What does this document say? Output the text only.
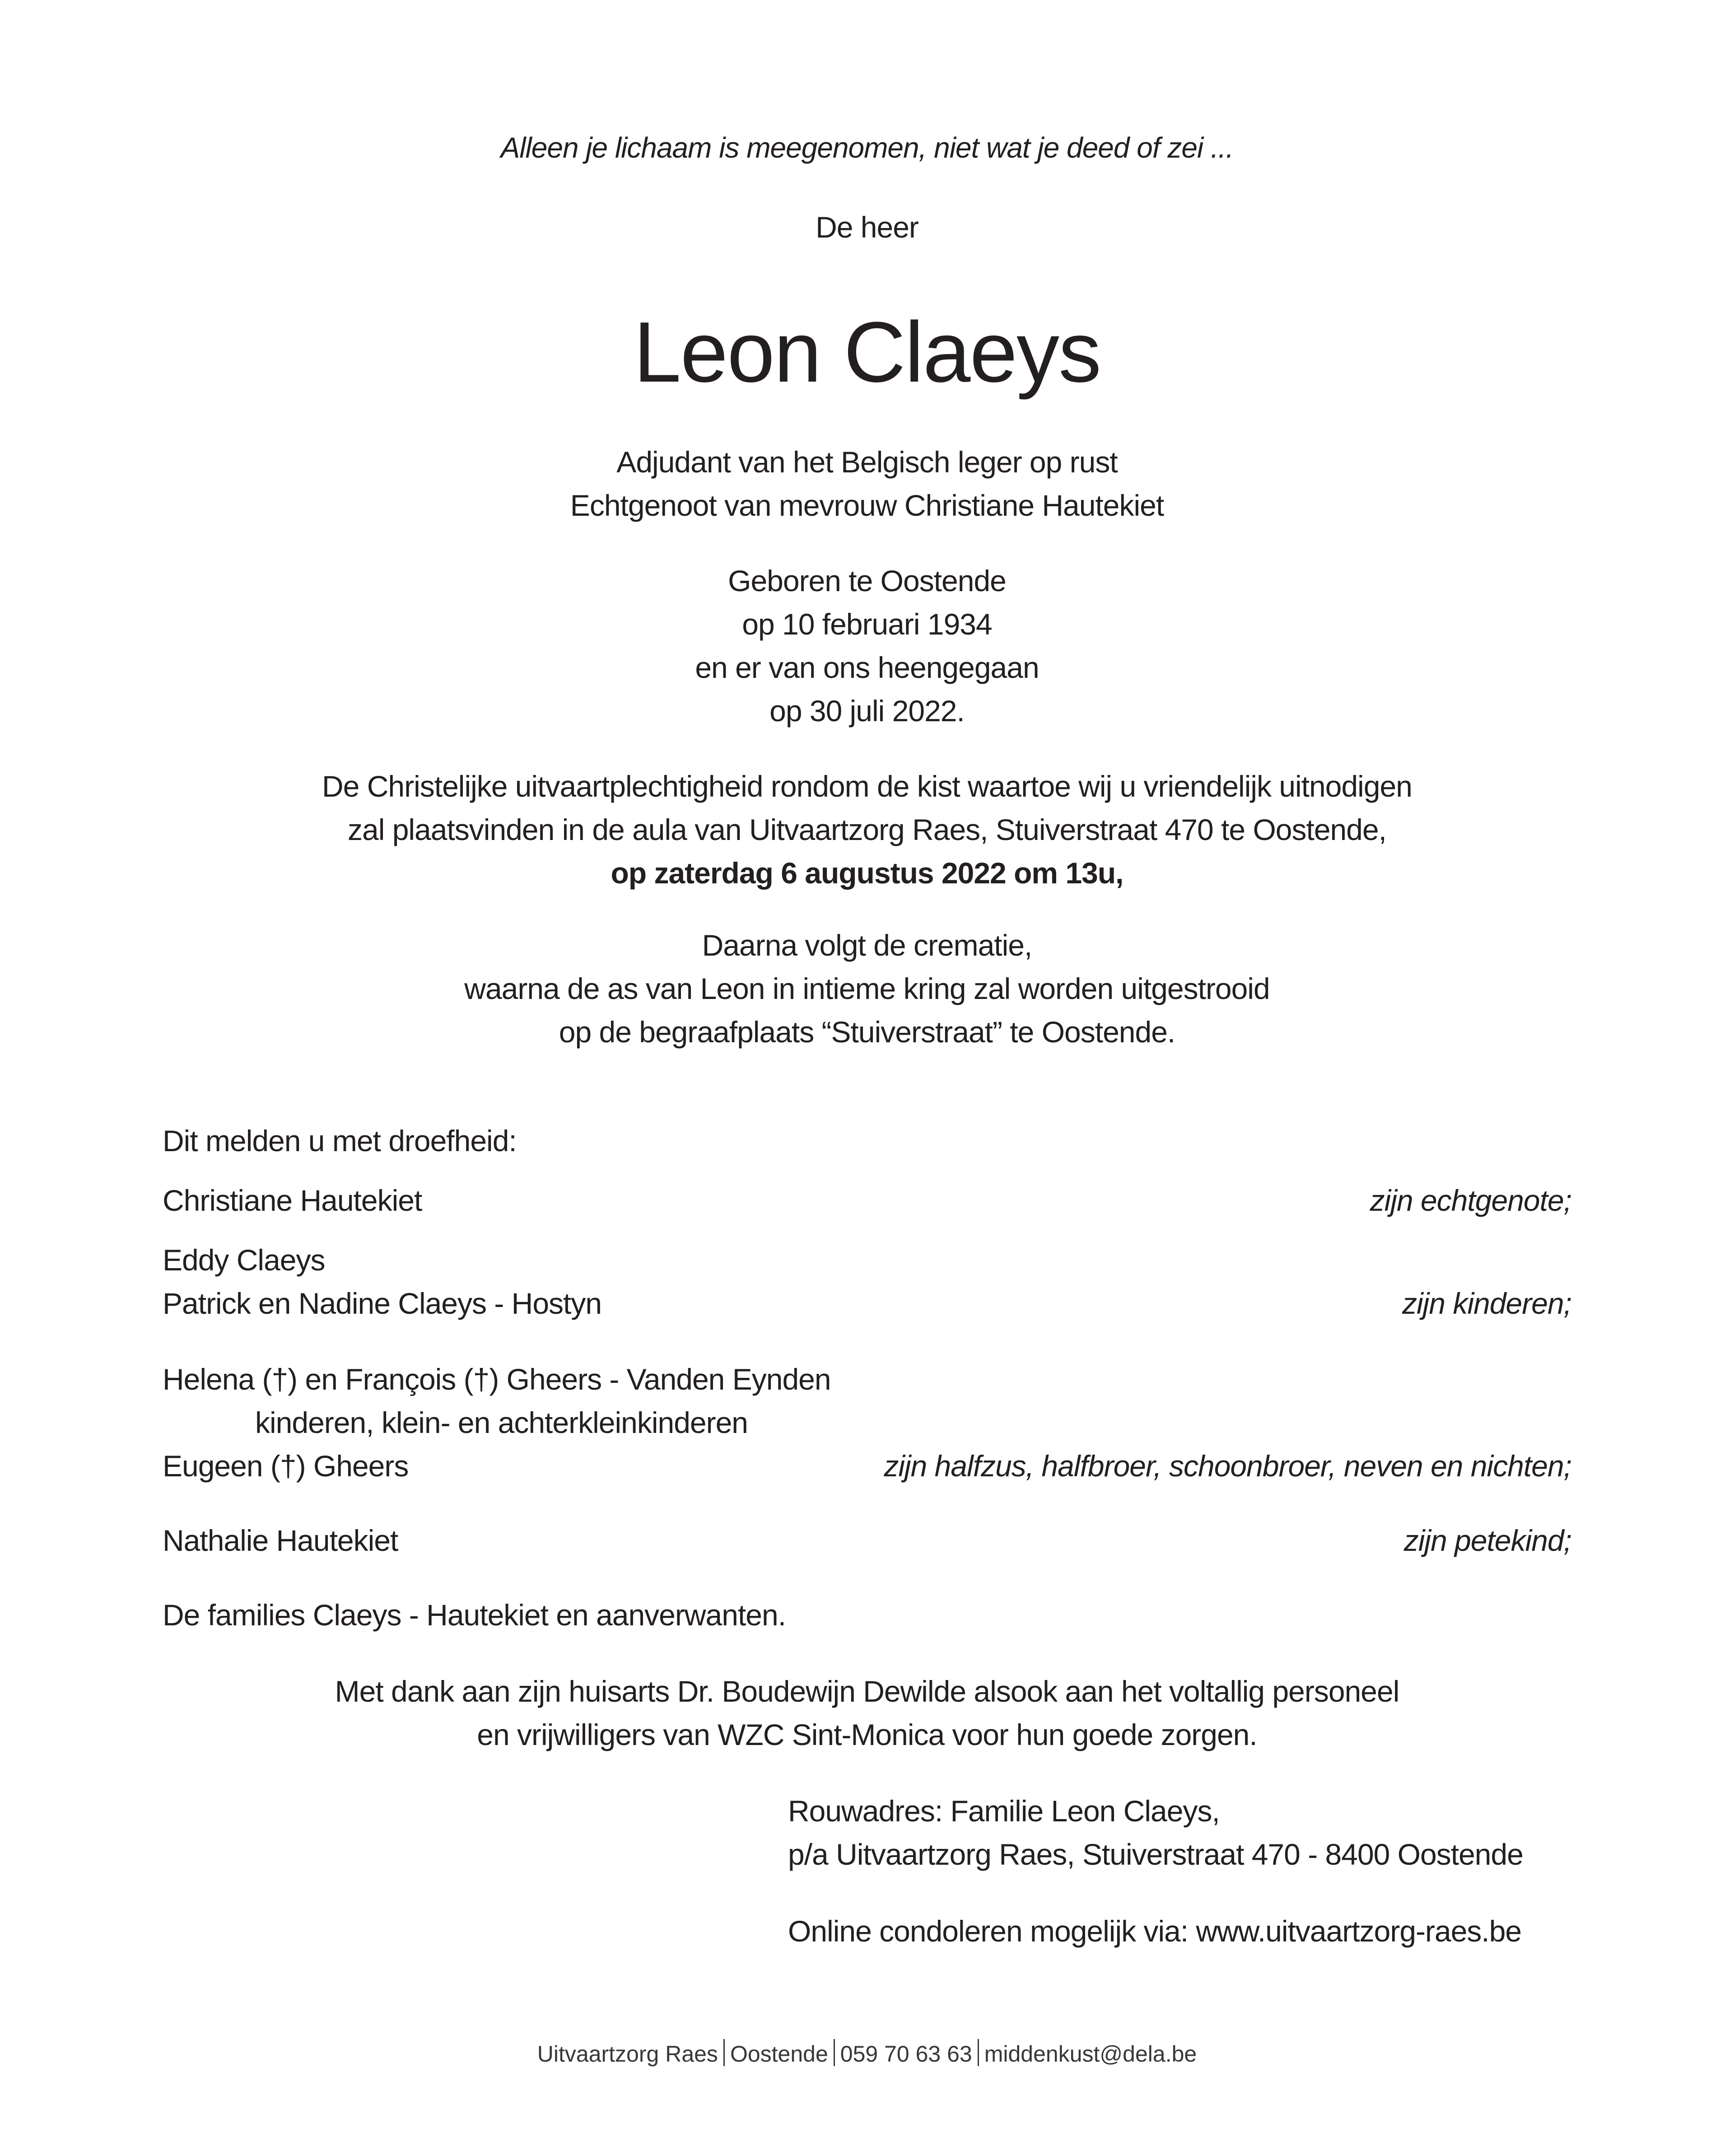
Alleen je lichaam is meegenomen, niet wat je deed of zei ...
De heer
Leon Claeys
Adjudant van het Belgisch leger op rust
Echtgenoot van mevrouw Christiane Hautekiet
Geboren te Oostende
op 10 februari 1934
en er van ons heengegaan
op 30 juli 2022.
De Christelijke uitvaartplechtigheid rondom de kist waartoe wij u vriendelijk uitnodigen
zal plaatsvinden in de aula van Uitvaartzorg Raes, Stuiverstraat 470 te Oostende,
op zaterdag 6 augustus 2022 om 13u,
Daarna volgt de crematie,
waarna de as van Leon in intieme kring zal worden uitgestrooid
op de begraafplaats “Stuiverstraat” te Oostende.
Dit melden u met droefheid:
Christiane Hautekiet	zijn echtgenote;
Eddy Claeys
Patrick en Nadine Claeys - Hostyn	zijn kinderen;
Helena (†) en François (†) Gheers - Vanden Eynden
kinderen, klein- en achterkleinkinderen
Eugeen (†) Gheers	zijn halfzus, halfbroer, schoonbroer, neven en nichten;
Nathalie Hautekiet	zijn petekind;
De families Claeys - Hautekiet en aanverwanten.
Met dank aan zijn huisarts Dr. Boudewijn Dewilde alsook aan het voltallig personeel
en vrijwilligers van WZC Sint-Monica voor hun goede zorgen.
Rouwadres: Familie Leon Claeys,
p/a Uitvaartzorg Raes, Stuiverstraat 470 - 8400 Oostende
Online condoleren mogelijk via: www.uitvaartzorg-raes.be
Uitvaartzorg Raes Oostende 059 70 63 63 middenkust@dela.be
